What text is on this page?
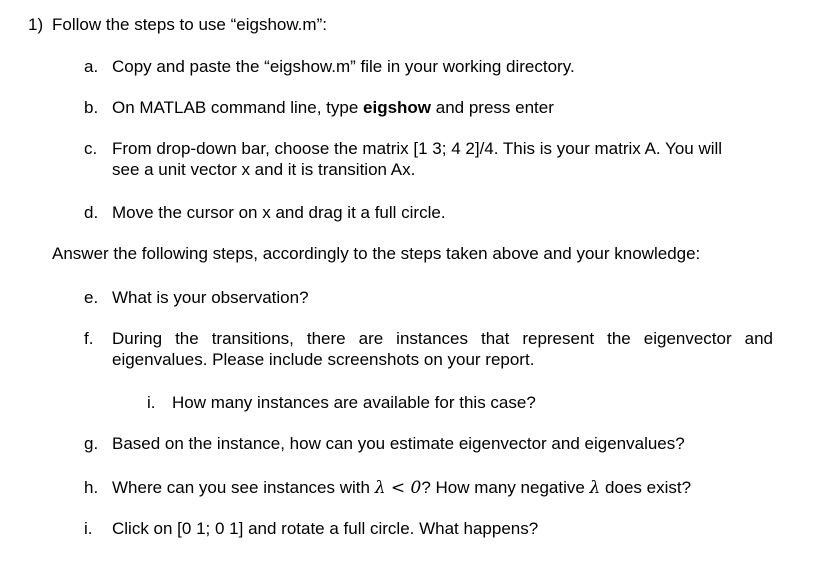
1) Follow the steps to use “eigshow.m”:
a. Copy and paste the “eigshow.m” file in your working directory.
b. On MATLAB command line, type eigshow and press enter
c. From drop-down bar, choose the matrix [1 3; 4 2]/4. This is your matrix A. You will
see a unit vector x and it is transition Ax.
d. Move the cursor on x and drag it a full circle.
Answer the following steps, accordingly to the steps taken above and your knowledge:
e. What is your observation?
f. During the transitions, there are instances that represent the eigenvector and
eigenvalues. Please include screenshots on your report.
i. How many instances are available for this case?
g. Based on the instance, how can you estimate eigenvector and eigenvalues?
h. Where can you see instances with λ < 0? How many negative λ does exist?
i. Click on [0 1; 0 1] and rotate a full circle. What happens?
